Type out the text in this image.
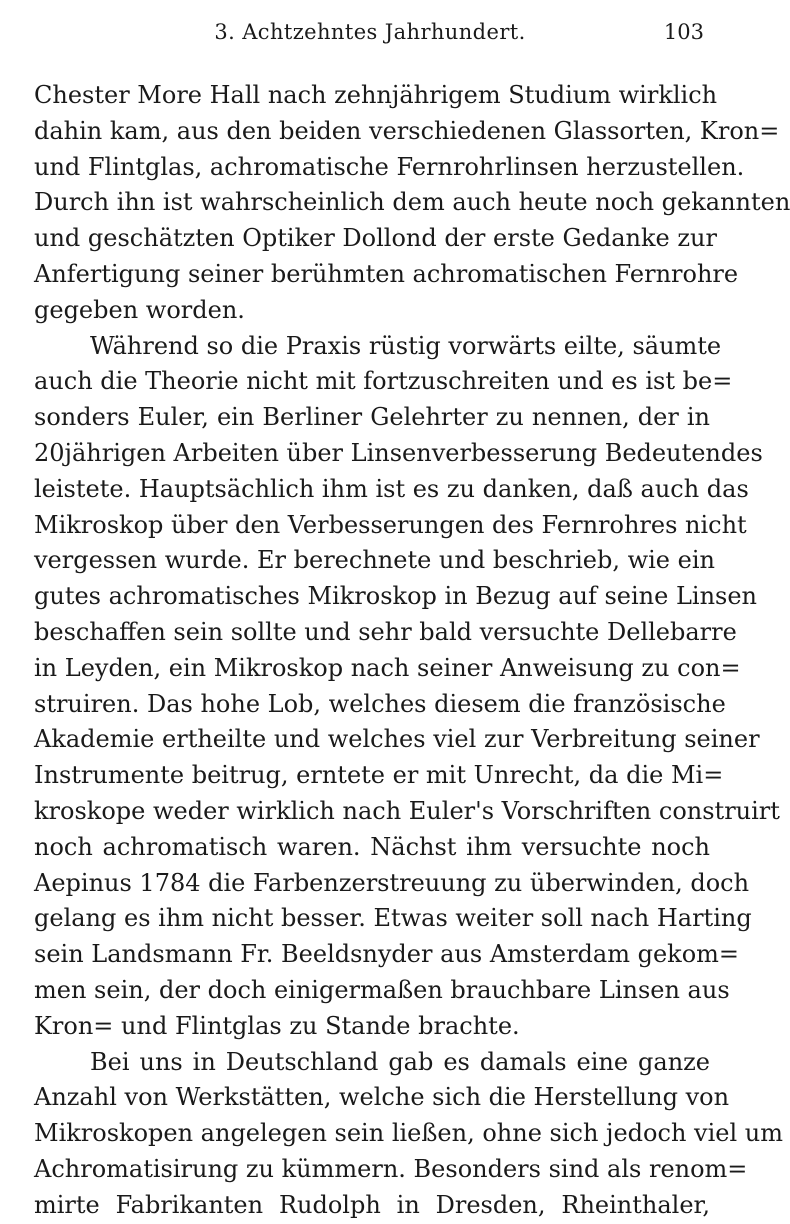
3. Achtzehntes Jahrhundert.	103
Chester More Hall nach zehnjährigem Studium wirklich
dahin kam, aus den beiden verschiedenen Glassorten, Kron=
und Flintglas, achromatische Fernrohrlinsen herzustellen.
Durch ihn ist wahrscheinlich dem auch heute noch gekannten
und geschätzten Optiker Dollond der erste Gedanke zur
Anfertigung seiner berühmten achromatischen Fernrohre
gegeben worden.
Während so die Praxis rüstig vorwärts eilte, säumte
auch die Theorie nicht mit fortzuschreiten und es ist be=
sonders Euler, ein Berliner Gelehrter zu nennen, der in
20jährigen Arbeiten über Linsenverbesserung Bedeutendes
leistete. Hauptsächlich ihm ist es zu danken, daß auch das
Mikroskop über den Verbesserungen des Fernrohres nicht
vergessen wurde. Er berechnete und beschrieb, wie ein
gutes achromatisches Mikroskop in Bezug auf seine Linsen
beschaffen sein sollte und sehr bald versuchte Dellebarre
in Leyden, ein Mikroskop nach seiner Anweisung zu con=
struiren. Das hohe Lob, welches diesem die französische
Akademie ertheilte und welches viel zur Verbreitung seiner
Instrumente beitrug, erntete er mit Unrecht, da die Mi=
kroskope weder wirklich nach Euler's Vorschriften construirt
noch achromatisch waren. Nächst ihm versuchte noch
Aepinus 1784 die Farbenzerstreuung zu überwinden, doch
gelang es ihm nicht besser. Etwas weiter soll nach Harting
sein Landsmann Fr. Beeldsnyder aus Amsterdam gekom=
men sein, der doch einigermaßen brauchbare Linsen aus
Kron= und Flintglas zu Stande brachte.
Bei uns in Deutschland gab es damals eine ganze
Anzahl von Werkstätten, welche sich die Herstellung von
Mikroskopen angelegen sein ließen, ohne sich jedoch viel um
Achromatisirung zu kümmern. Besonders sind als renom=
mirte Fabrikanten Rudolph in Dresden, Rheinthaler,
